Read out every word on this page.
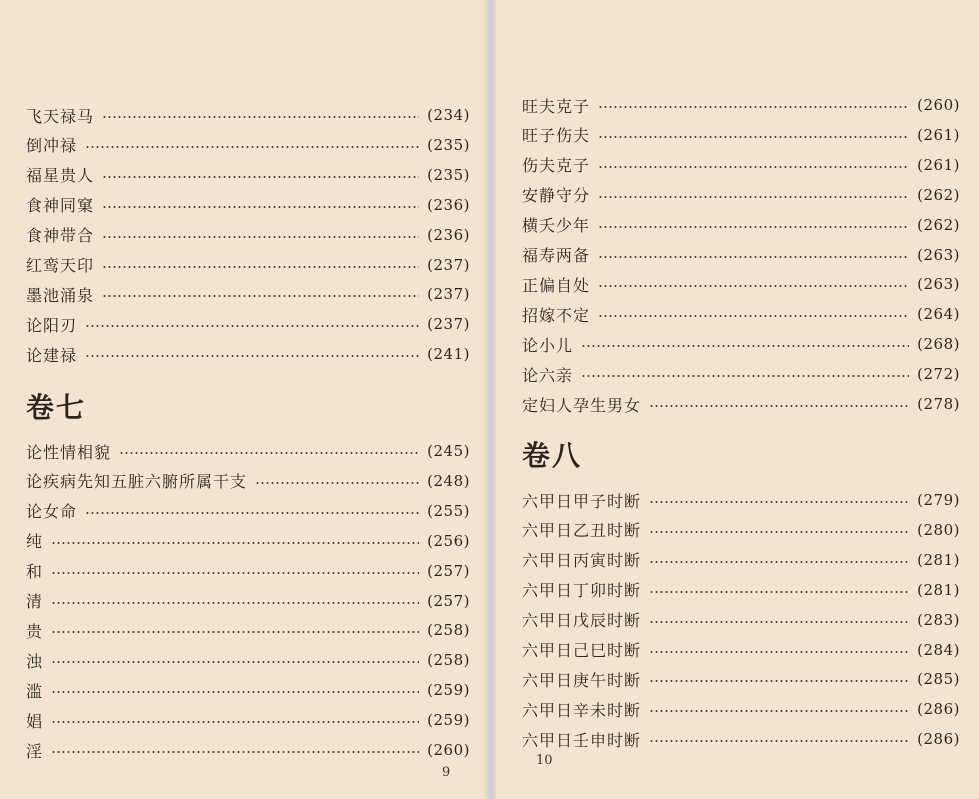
飞天禄马	(234)
倒冲禄	(235)
福星贵人	(235)
食神同窠	(236)
食神带合	(236)
红鸾天印	(237)
墨池涌泉	(237)
论阳刃	(237)
论建禄	(241)
卷七
论性情相貌	(245)
论疾病先知五脏六腑所属干支	(248)
论女命	(255)
纯	(256)
和	(257)
清	(257)
贵	(258)
浊	(258)
滥	(259)
娼	(259)
淫	(260)
9
旺夫克子	(260)
旺子伤夫	(261)
伤夫克子	(261)
安静守分	(262)
横夭少年	(262)
福寿两备	(263)
正偏自处	(263)
招嫁不定	(264)
论小儿	(268)
论六亲	(272)
定妇人孕生男女	(278)
卷八
六甲日甲子时断	(279)
六甲日乙丑时断	(280)
六甲日丙寅时断	(281)
六甲日丁卯时断	(281)
六甲日戊辰时断	(283)
六甲日己巳时断	(284)
六甲日庚午时断	(285)
六甲日辛未时断	(286)
六甲日壬申时断	(286)
10
